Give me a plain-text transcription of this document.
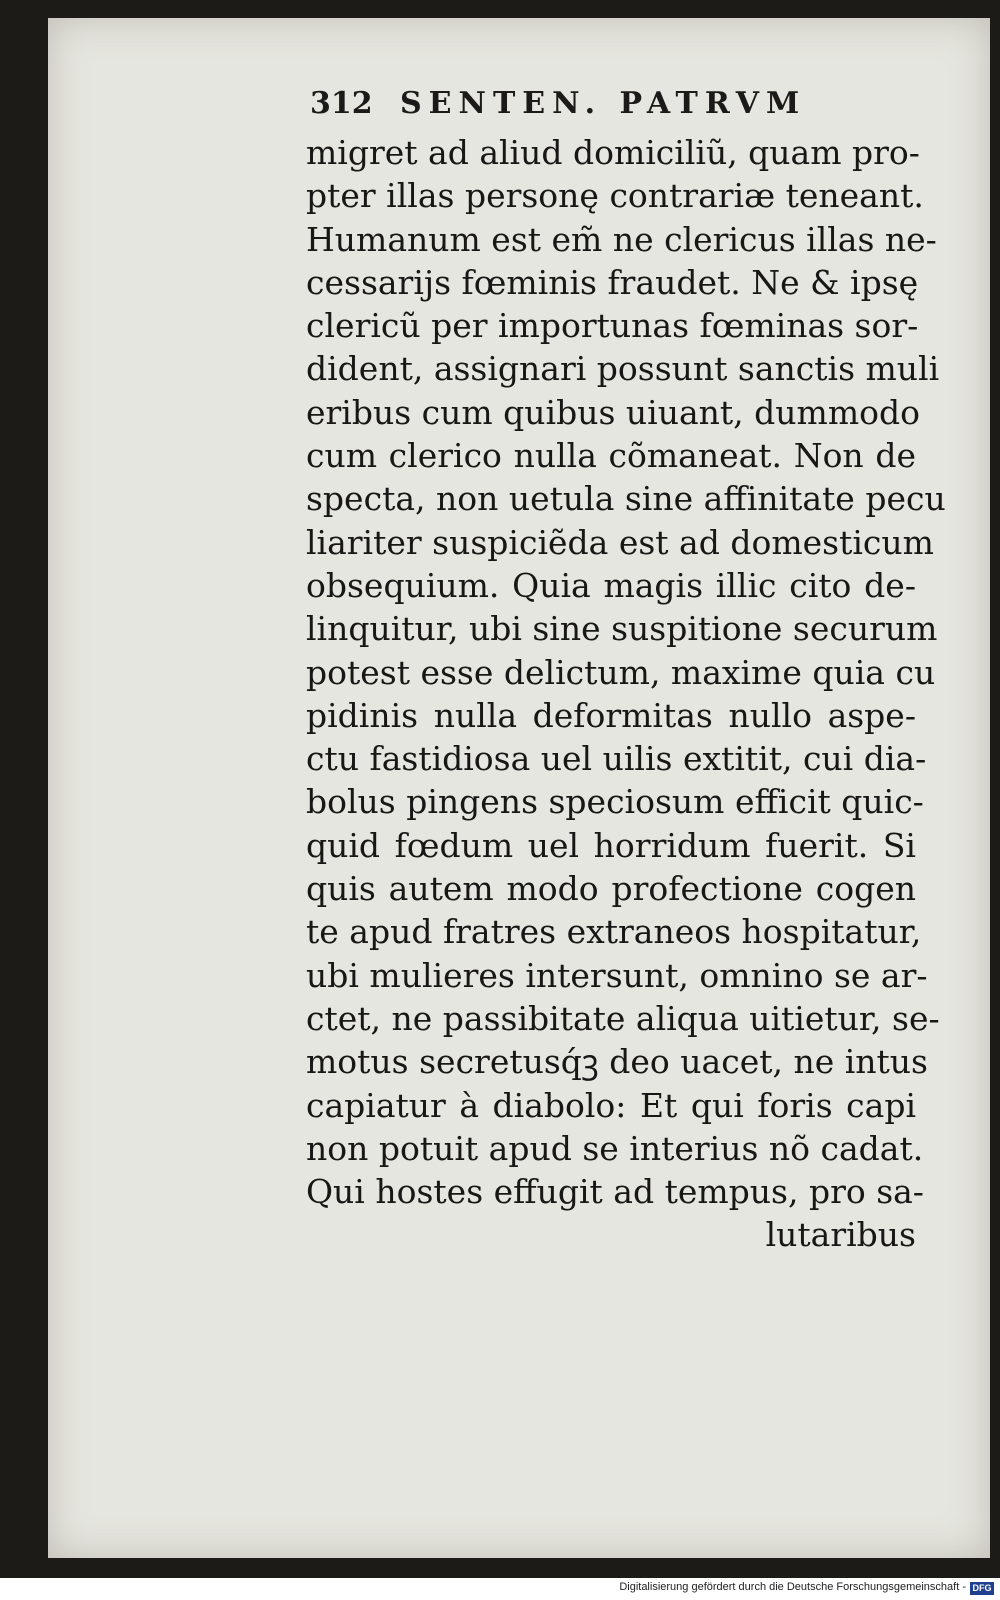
312 SENTEN. PATRVM
migret ad aliud domiciliũ, quam pro‐
pter illas personę contrariæ teneant.
Humanum est em̃ ne clericus illas ne‐
cessarijs fœminis fraudet. Ne & ipsę
clericũ per importunas fœminas sor‐
dident, assignari possunt sanctis muli
eribus cum quibus uiuant, dummodo
cum clerico nulla cõmaneat. Non de
specta, non uetula sine affinitate pecu
liariter suspiciẽda est ad domesticum
obsequium. Quia magis illic cito de‐
linquitur, ubi sine suspitione securum
potest esse delictum, maxime quia cu
pidinis nulla deformitas nullo aspe‐
ctu fastidiosa uel uilis extitit, cui dia‐
bolus pingens speciosum efficit quic‐
quid fœdum uel horridum fuerit. Si
quis autem modo profectione cogen
te apud fratres extraneos hospitatur,
ubi mulieres intersunt, omnino se ar‐
ctet, ne passibitate aliqua uitietur, se‐
motus secretusq́ꝫ deo uacet, ne intus
capiatur à diabolo: Et qui foris capi
non potuit apud se interius nõ cadat.
Qui hostes effugit ad tempus, pro sa‐
lutaribus
Digitalisierung gefördert durch die Deutsche Forschungsgemeinschaft - DFG
